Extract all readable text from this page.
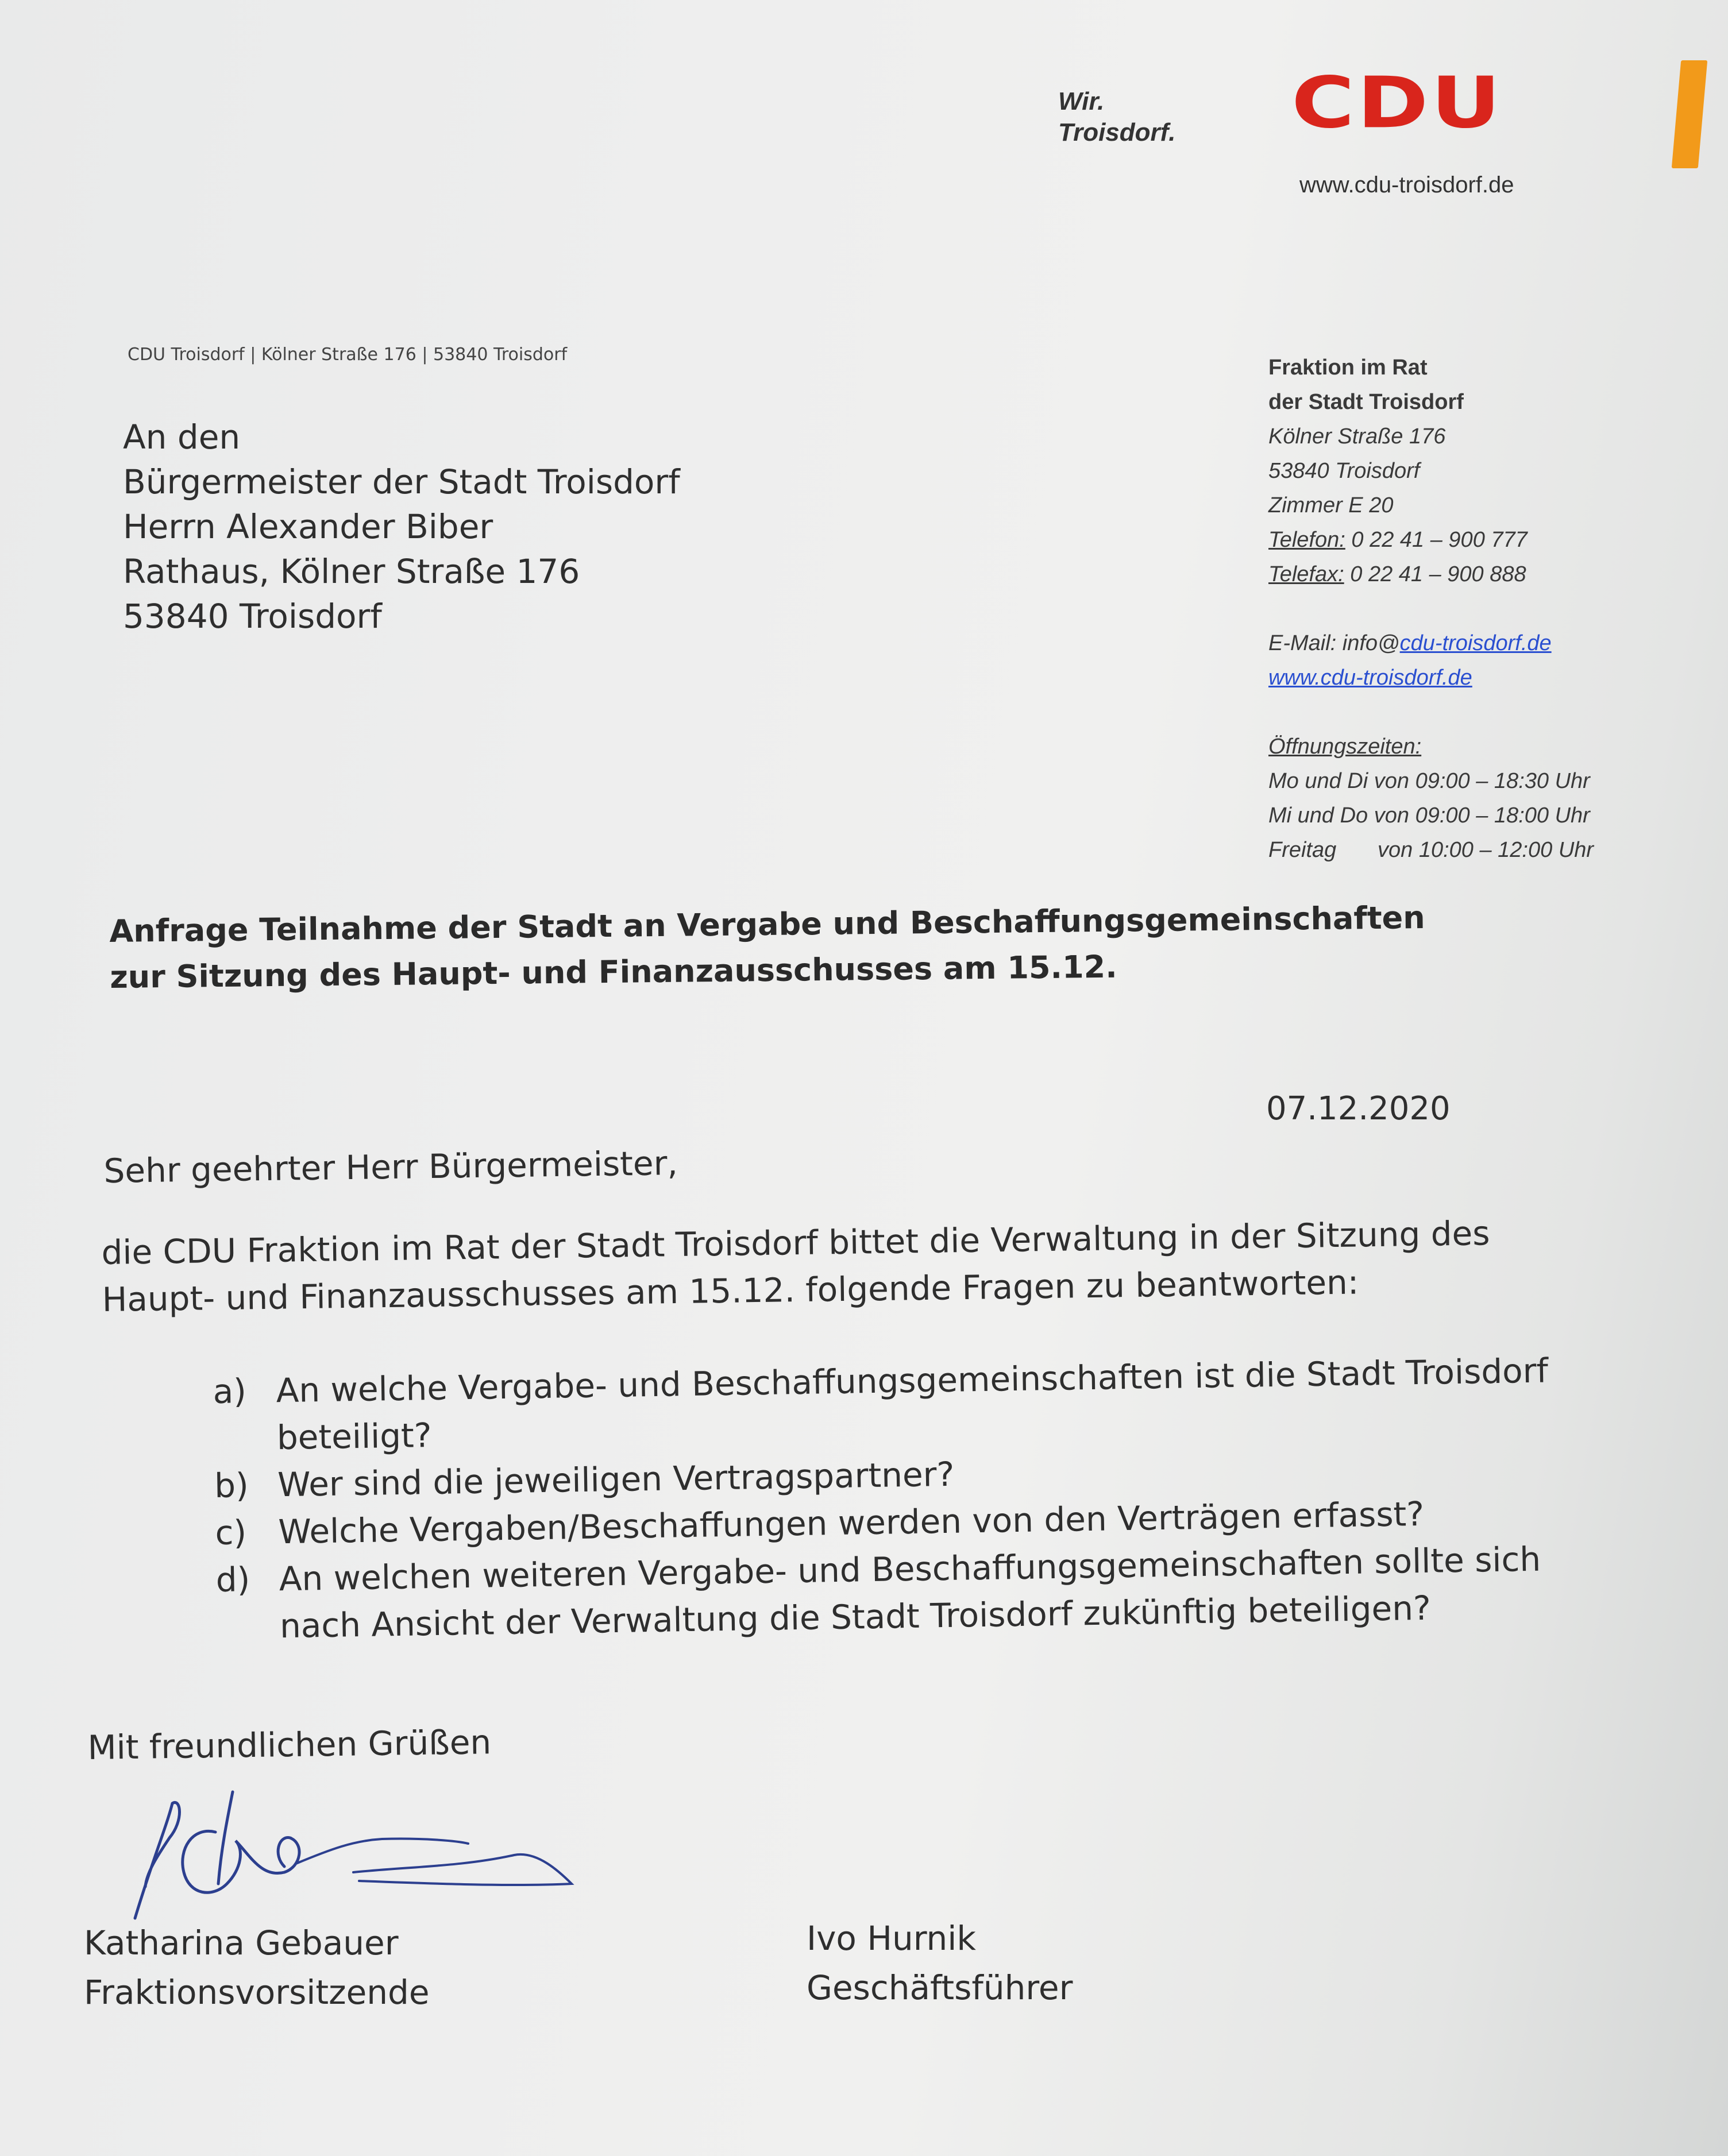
Wir.
Troisdorf. CDU
www.cdu-troisdorf.de
CDU Troisdorf | Kölner Straße 176 | 53840 Troisdorf
An den
Bürgermeister der Stadt Troisdorf
Herrn Alexander Biber
Rathaus, Kölner Straße 176
53840 Troisdorf
Fraktion im Rat
der Stadt Troisdorf
Kölner Straße 176
53840 Troisdorf
Zimmer E 20
Telefon: 0 22 41 – 900 777
Telefax: 0 22 41 – 900 888
E-Mail: info@cdu-troisdorf.de
www.cdu-troisdorf.de
Öffnungszeiten:
Mo und Di von 09:00 – 18:30 Uhr
Mi und Do von 09:00 – 18:00 Uhr
Freitag von 10:00 – 12:00 Uhr
Anfrage Teilnahme der Stadt an Vergabe und Beschaffungsgemeinschaften
zur Sitzung des Haupt- und Finanzausschusses am 15.12.
07.12.2020
Sehr geehrter Herr Bürgermeister,
die CDU Fraktion im Rat der Stadt Troisdorf bittet die Verwaltung in der Sitzung des
Haupt- und Finanzausschusses am 15.12. folgende Fragen zu beantworten:
a) An welche Vergabe- und Beschaffungsgemeinschaften ist die Stadt Troisdorf
beteiligt?
b) Wer sind die jeweiligen Vertragspartner?
c) Welche Vergaben/Beschaffungen werden von den Verträgen erfasst?
d) An welchen weiteren Vergabe- und Beschaffungsgemeinschaften sollte sich
nach Ansicht der Verwaltung die Stadt Troisdorf zukünftig beteiligen?
Mit freundlichen Grüßen
Katharina Gebauer
Fraktionsvorsitzende
Ivo Hurnik
Geschäftsführer
